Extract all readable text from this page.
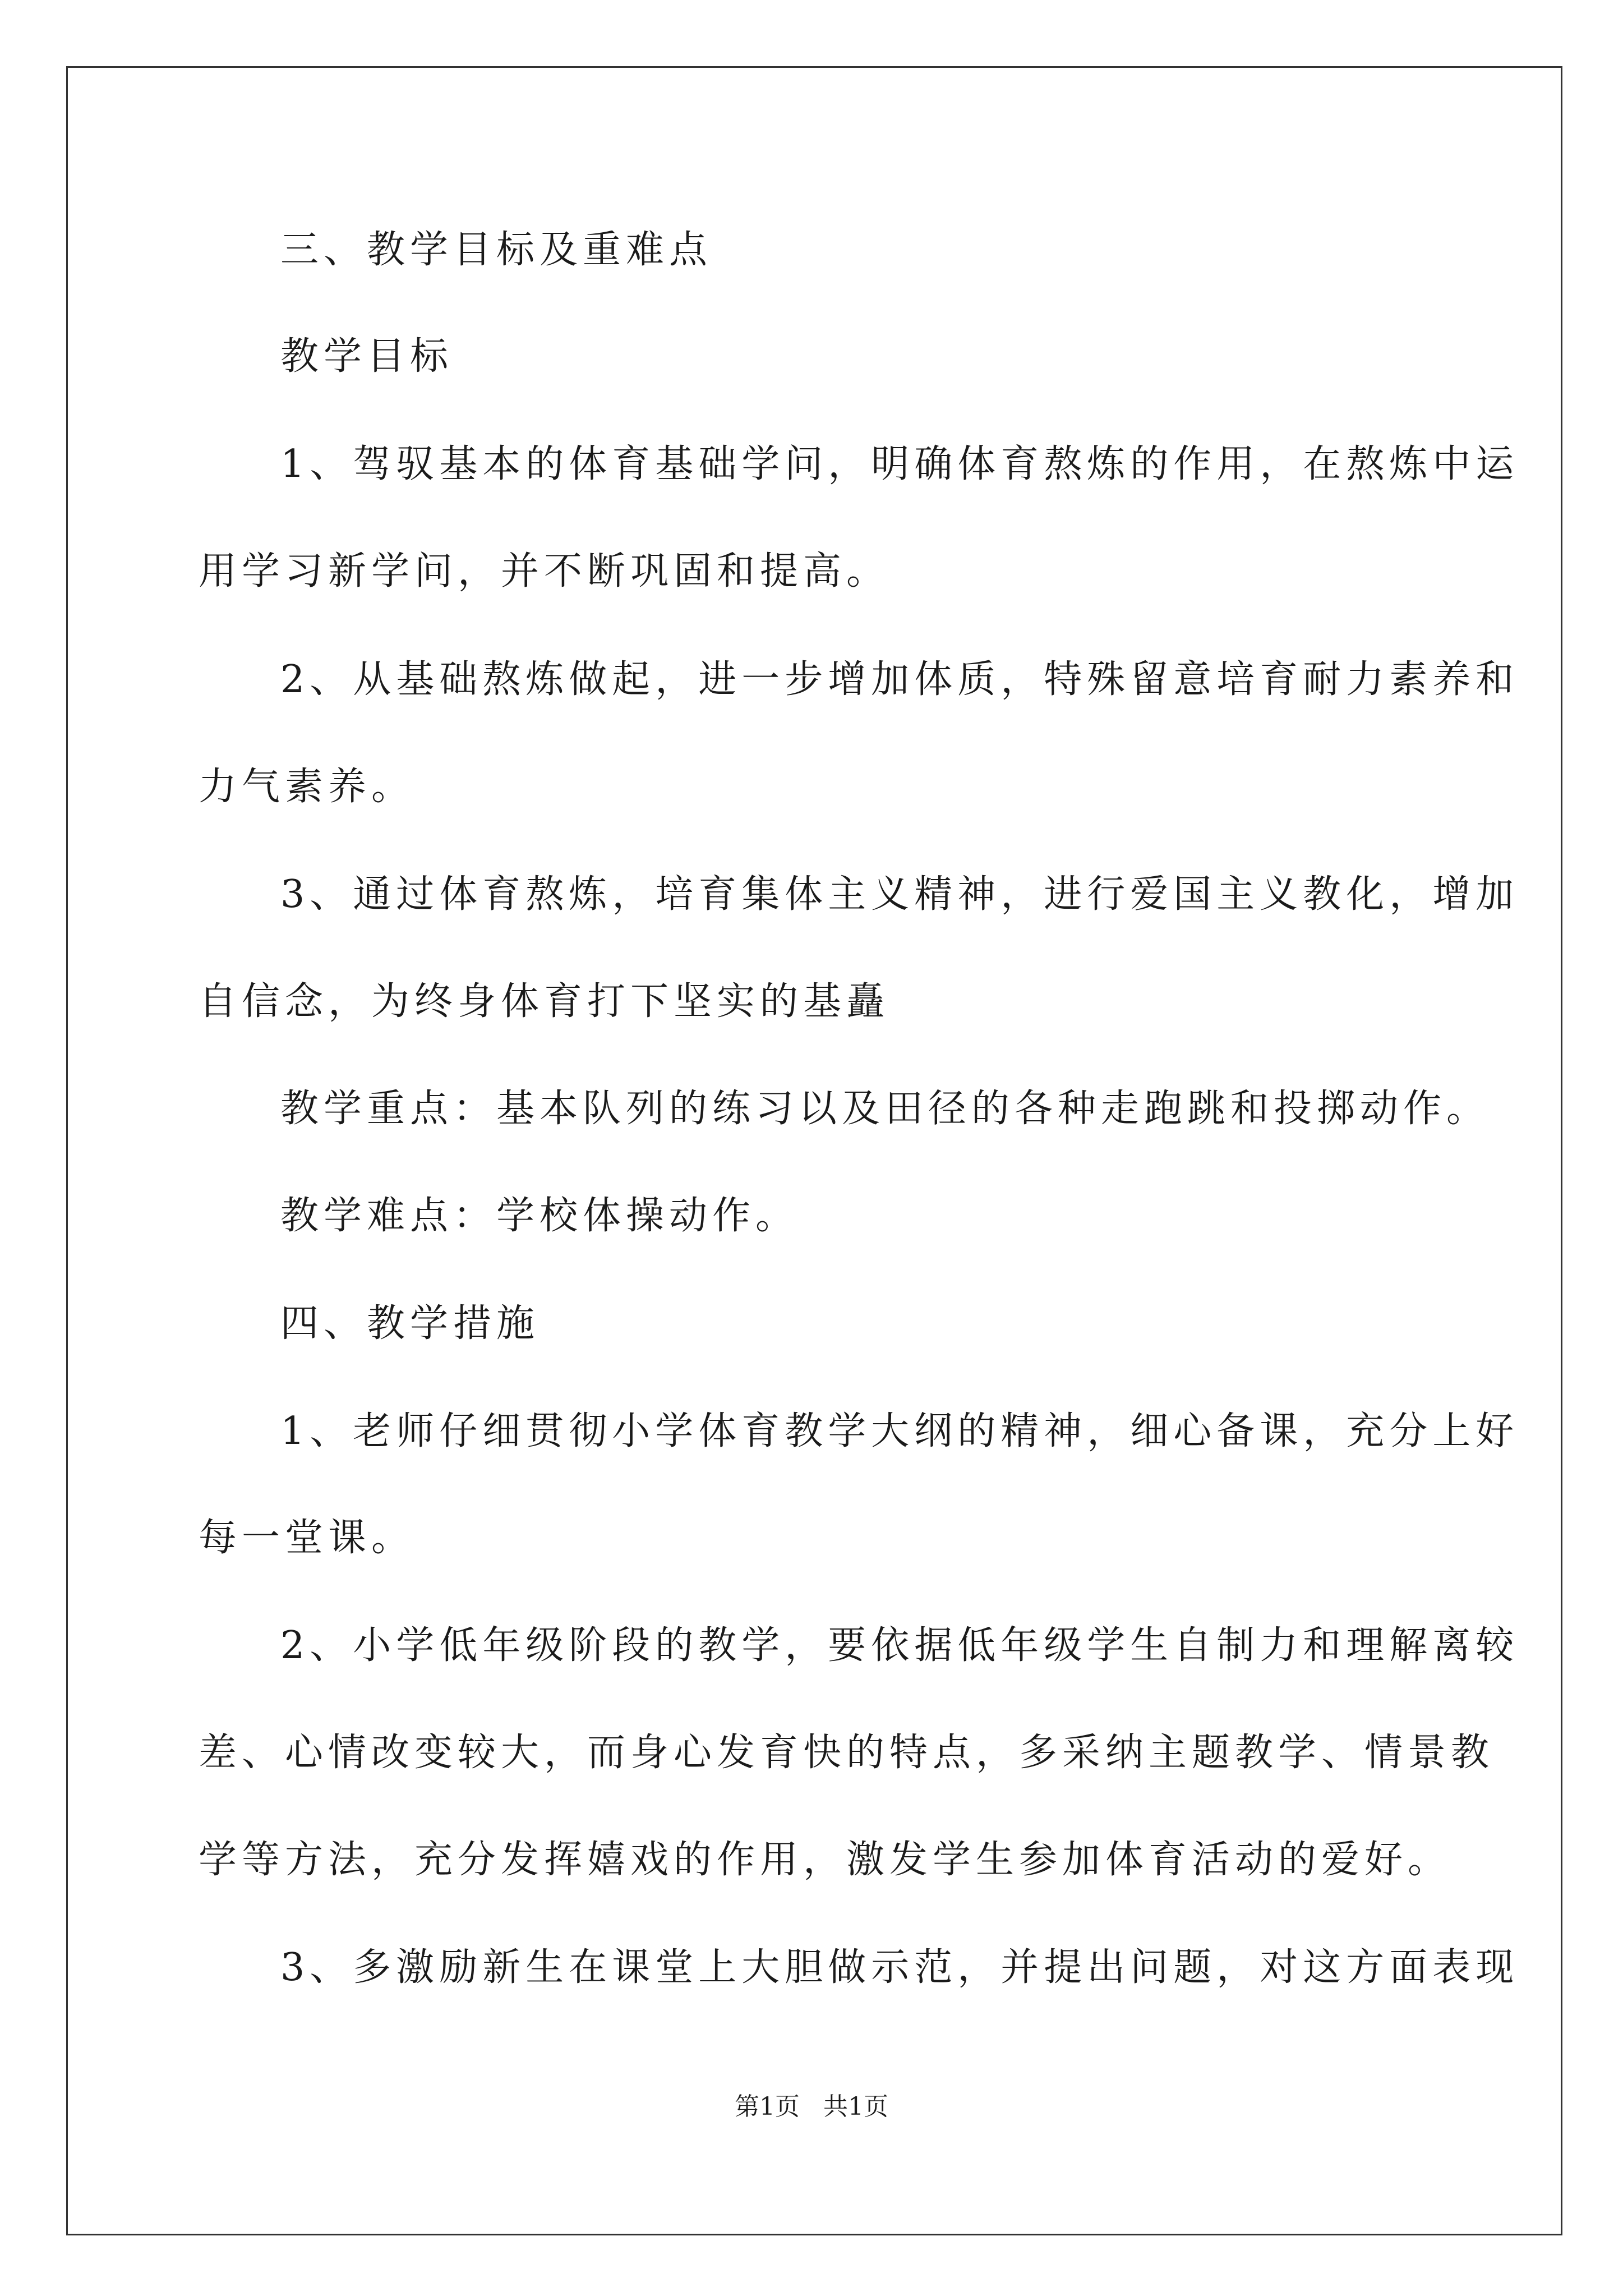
三、教学目标及重难点
教学目标
1、驾驭基本的体育基础学问，明确体育熬炼的作用，在熬炼中运
用学习新学问，并不断巩固和提高。
2、从基础熬炼做起，进一步增加体质，特殊留意培育耐力素养和
力气素养。
3、通过体育熬炼，培育集体主义精神，进行爱国主义教化，增加
自信念，为终身体育打下坚实的基矗
教学重点：基本队列的练习以及田径的各种走跑跳和投掷动作。
教学难点：学校体操动作。
四、教学措施
1、老师仔细贯彻小学体育教学大纲的精神，细心备课，充分上好
每一堂课。
2、小学低年级阶段的教学，要依据低年级学生自制力和理解离较
差、心情改变较大，而身心发育快的特点，多采纳主题教学、情景教
学等方法，充分发挥嬉戏的作用，激发学生参加体育活动的爱好。
3、多激励新生在课堂上大胆做示范，并提出问题，对这方面表现
第1页   共1页
